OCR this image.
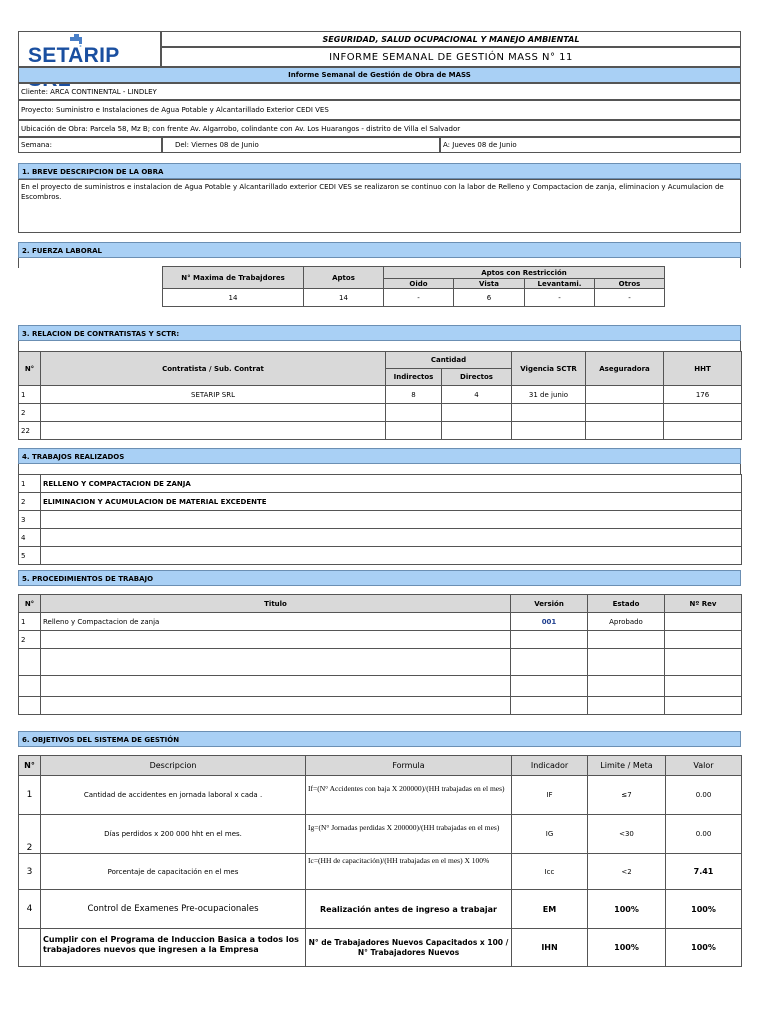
SETARIP
SEGURIDAD, SALUD OCUPACIONAL Y MANEJO AMBIENTAL
INFORME SEMANAL DE GESTIÓN MASS N° 11
Informe Semanal de Gestión de Obra de MASS
Cliente: ARCA CONTINENTAL - LINDLEY
Proyecto: Suministro e Instalaciones de Agua Potable y Alcantarillado Exterior CEDI VES
Ubicación de Obra: Parcela 58, Mz B; con frente Av. Algarrobo, colindante con Av. Los Huarangos - distrito de Villa el Salvador
Semana:	Del: Viernes 08 de Junio	A: Jueves 08 de Junio
1. BREVE DESCRIPCION DE LA OBRA
En el proyecto de suministros e instalacion de Agua Potable y Alcantarillado exterior CEDI VES se realizaron se continuo con la labor de Relleno y Compactacion de zanja, eliminacion y Acumulacion de Escombros.
2. FUERZA LABORAL
N° Maxima de Trabajdores	Aptos	Aptos con Restricción			
		Oido	Vista	Levantami.	Otros
14	14	-	6	-	-
3. RELACION DE CONTRATISTAS Y SCTR:
N°	Contratista / Sub. Contrat	Cantidad		Vigencia SCTR	Aseguradora	HHT
		Indirectos	Directos			
1	SETARIP SRL	8	4	31 de junio		176
2						
22						
4. TRABAJOS REALIZADOS
1	RELLENO Y COMPACTACION DE ZANJA
2	ELIMINACION Y ACUMULACION DE MATERIAL EXCEDENTE
3	
4	
5	
5. PROCEDIMIENTOS DE TRABAJO
N°	Titulo	Versión	Estado	Nº Rev
1	Relleno y Compactacion de zanja	001	Aprobado	
2				

6. OBJETIVOS DEL SISTEMA DE GESTIÓN
N°	Descripcion	Formula	Indicador	Limite / Meta	Valor
1	Cantidad de accidentes en jornada laboral x cada .	If=(N° Accidentes con baja X 200000)/(HH trabajadas en el mes)	IF	≤7	0.00
2	Días perdidos x 200 000 hht en el mes.	Ig=(N° Jornadas perdidas X 200000)/(HH trabajadas en el mes)	IG	<30	0.00
3	Porcentaje de capacitación en el mes	Ic=(HH de capacitación)/(HH trabajadas en el mes) X 100%	Icc	<2	7.41
4	Control de Examenes Pre-ocupacionales	Realización antes de ingreso a trabajar	EM	100%	100%
	Cumplir con el Programa de Induccion Basica a todos los trabajadores nuevos que ingresen a la Empresa	N° de Trabajadores Nuevos Capacitados x 100 / N° Trabajadores Nuevos	IHN	100%	100%
